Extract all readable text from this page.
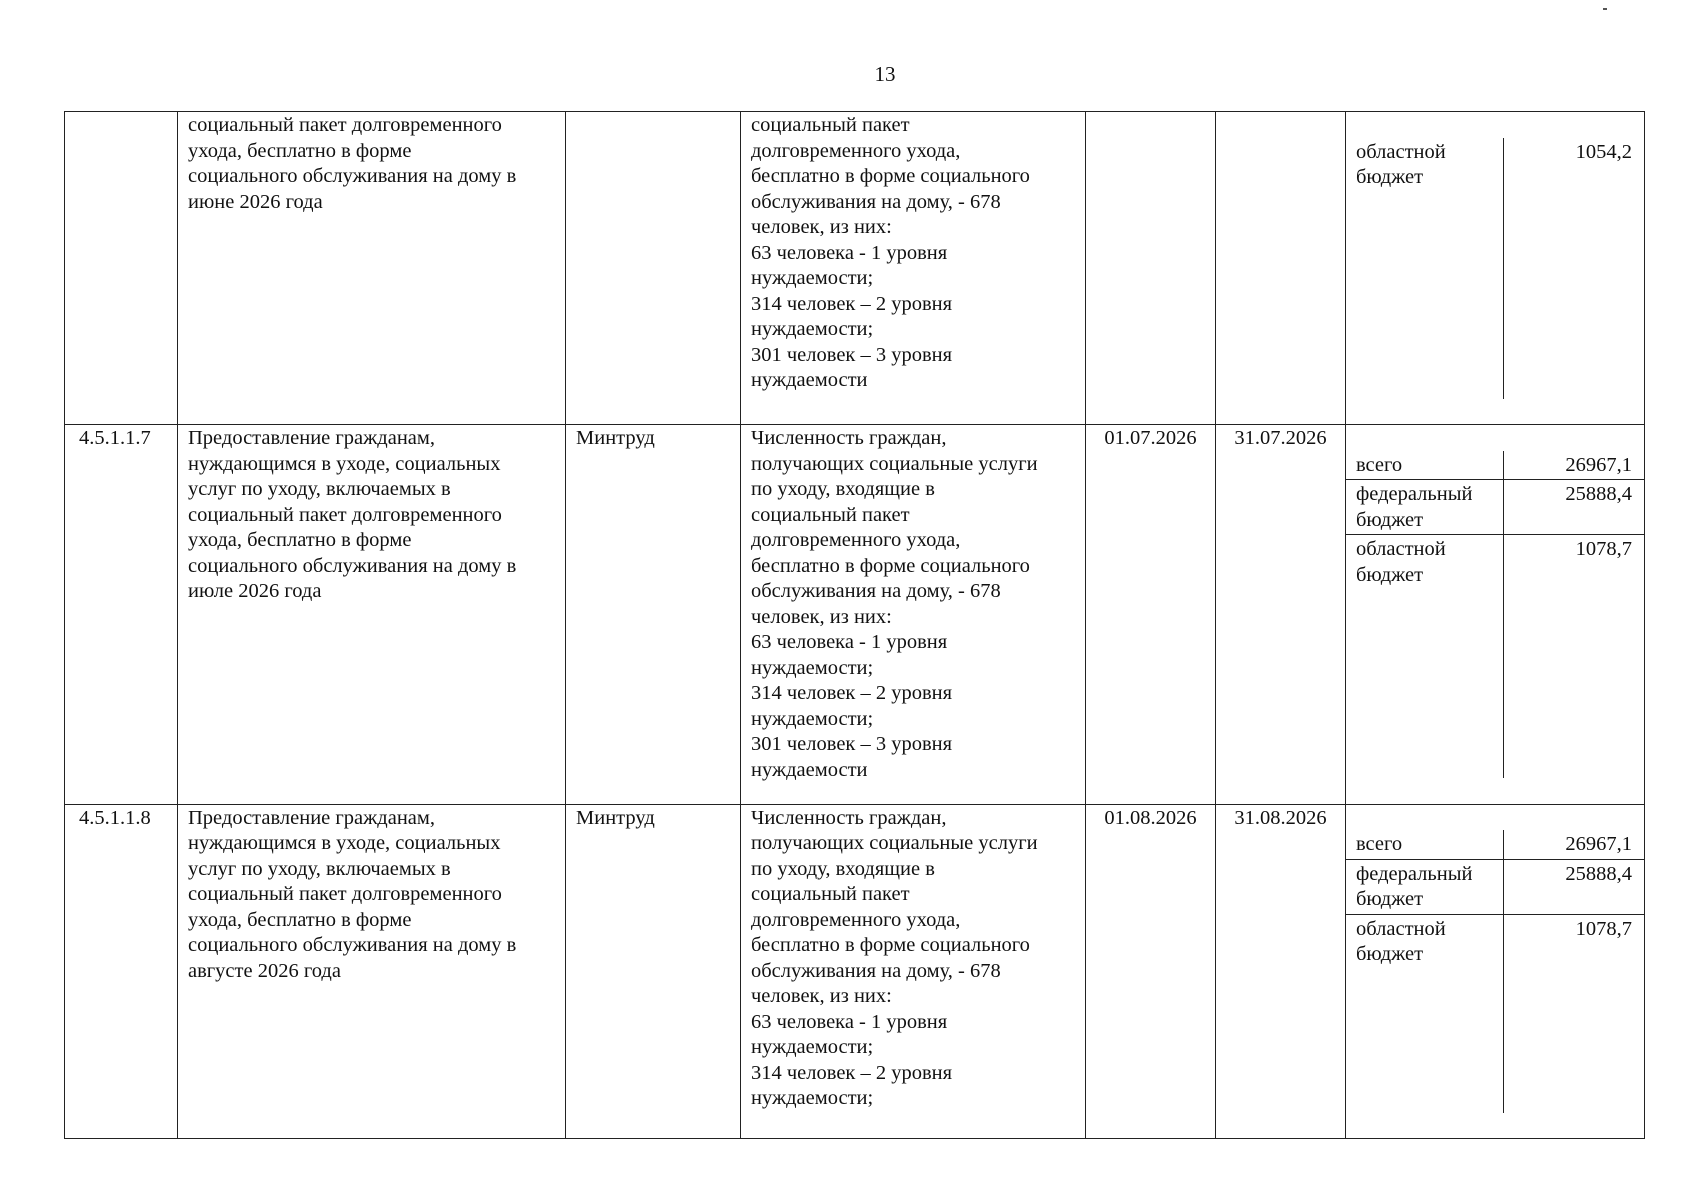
13
	социальный пакет долговременного
ухода, бесплатно в форме
социального обслуживания на дому в
июне 2026 года		социальный пакет
долговременного ухода,
бесплатно в форме социального
обслуживания на дому, - 678
человек, из них:
63 человека - 1 уровня
нуждаемости;
314 человек – 2 уровня
нуждаемости;
301 человек – 3 уровня
нуждаемости			

областной бюджет	1054,2

4.5.1.1.7	Предоставление гражданам,
нуждающимся в уходе, социальных
услуг по уходу, включаемых в
социальный пакет долговременного
ухода, бесплатно в форме
социального обслуживания на дому в
июле 2026 года	Минтруд	Численность граждан,
получающих социальные услуги
по уходу, входящие в
социальный пакет
долговременного ухода,
бесплатно в форме социального
обслуживания на дому, - 678
человек, из них:
63 человека - 1 уровня
нуждаемости;
314 человек – 2 уровня
нуждаемости;
301 человек – 3 уровня
нуждаемости	01.07.2026	31.07.2026	

всего	26967,1
федеральный бюджет	25888,4
областной бюджет	1078,7

4.5.1.1.8	Предоставление гражданам,
нуждающимся в уходе, социальных
услуг по уходу, включаемых в
социальный пакет долговременного
ухода, бесплатно в форме
социального обслуживания на дому в
августе 2026 года	Минтруд	Численность граждан,
получающих социальные услуги
по уходу, входящие в
социальный пакет
долговременного ухода,
бесплатно в форме социального
обслуживания на дому, - 678
человек, из них:
63 человека - 1 уровня
нуждаемости;
314 человек – 2 уровня
нуждаемости;	01.08.2026	31.08.2026	

всего	26967,1
федеральный бюджет	25888,4
областной бюджет	1078,7
